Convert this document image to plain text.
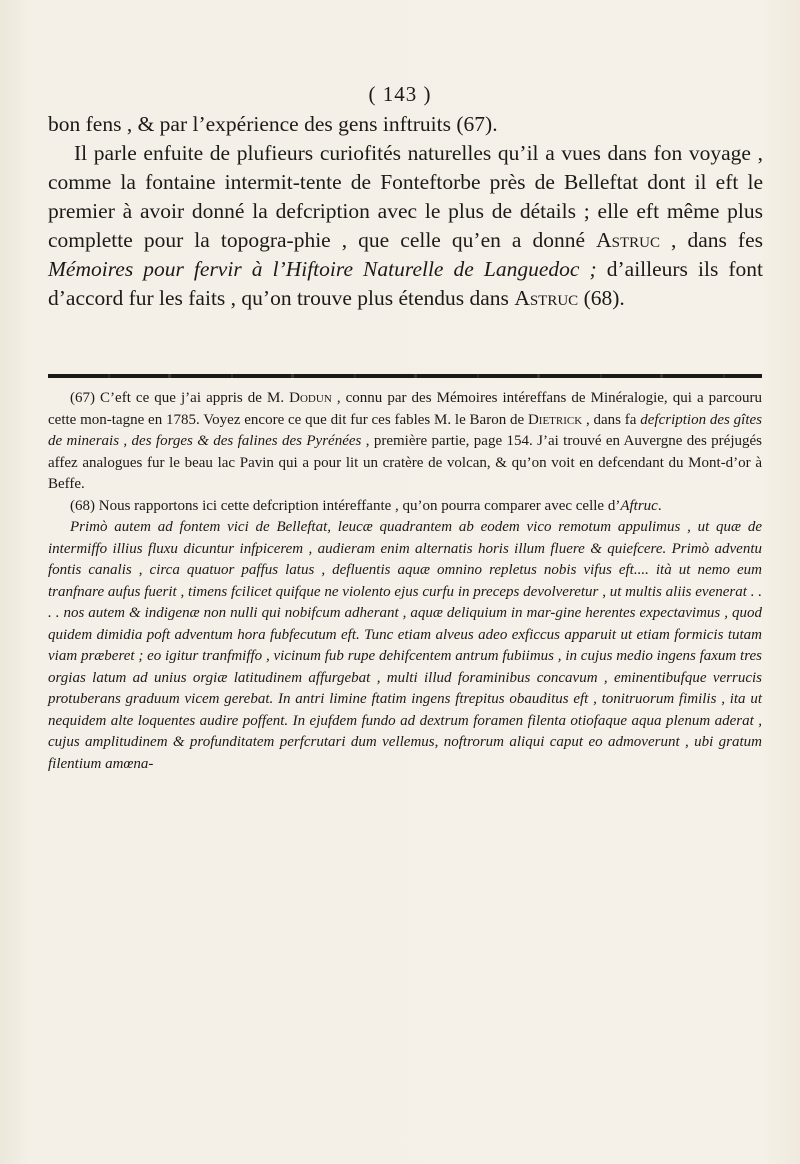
( 143 )

bon fens , & par l’expérience des gens inftruits (67).

Il parle enfuite de plufieurs curiofités naturelles qu’il a vues dans fon voyage , comme la fontaine intermit-tente de Fonteftorbe près de Belleftat dont il eft le premier à avoir donné la defcription avec le plus de détails ; elle eft même plus complette pour la topogra-phie , que celle qu’en a donné Astruc , dans fes Mémoires pour fervir à l’Hiftoire Naturelle de Languedoc ; d’ailleurs ils font d’accord fur les faits , qu’on trouve plus étendus dans Astruc (68).

(67) C’eft ce que j’ai appris de M. Dodun , connu par des Mémoires intéreffans de Minéralogie, qui a parcouru cette mon-tagne en 1785. Voyez encore ce que dit fur ces fables M. le Baron de Dietrick , dans fa defcription des gîtes de minerais , des forges & des falines des Pyrénées , première partie, page 154. J’ai trouvé en Auvergne des préjugés affez analogues fur le beau lac Pavin qui a pour lit un cratère de volcan, & qu’on voit en defcendant du Mont-d’or à Beffe.

(68) Nous rapportons ici cette defcription intéreffante , qu’on pourra comparer avec celle d’Aftruc.

Primò autem ad fontem vici de Belleftat, leucæ quadrantem ab eodem vico remotum appulimus , ut quæ de intermiffo illius fluxu dicuntur infpicerem , audieram enim alternatis horis illum fluere & quiefcere. Primò adventu fontis canalis , circa quatuor paffus latus , defluentis aquæ omnino repletus nobis vifus eft.... ità ut nemo eum tranfnare aufus fuerit , timens fcilicet quifque ne violento ejus curfu in preceps devolveretur , ut multis aliis evenerat . . . . nos autem & indigenæ non nulli qui nobifcum adherant , aquæ deliquium in mar-gine herentes expectavimus , quod quidem dimidia poft adventum hora fubfecutum eft. Tunc etiam alveus adeo exficcus apparuit ut etiam formicis tutam viam præberet ; eo igitur tranfmiffo , vicinum fub rupe dehifcentem antrum fubiimus , in cujus medio ingens faxum tres orgias latum ad unius orgiæ latitudinem affurgebat , multi illud foraminibus concavum , eminentibufque verrucis protuberans graduum vicem gerebat. In antri limine ftatim ingens ftrepitus obauditus eft , tonitruorum fimilis , ita ut nequidem alte loquentes audire poffent. In ejufdem fundo ad dextrum foramen filenta otiofaque aqua plenum aderat , cujus amplitudinem & profunditatem perfcrutari dum vellemus, noftrorum aliqui caput eo admoverunt , ubi gratum filentium amœna-
